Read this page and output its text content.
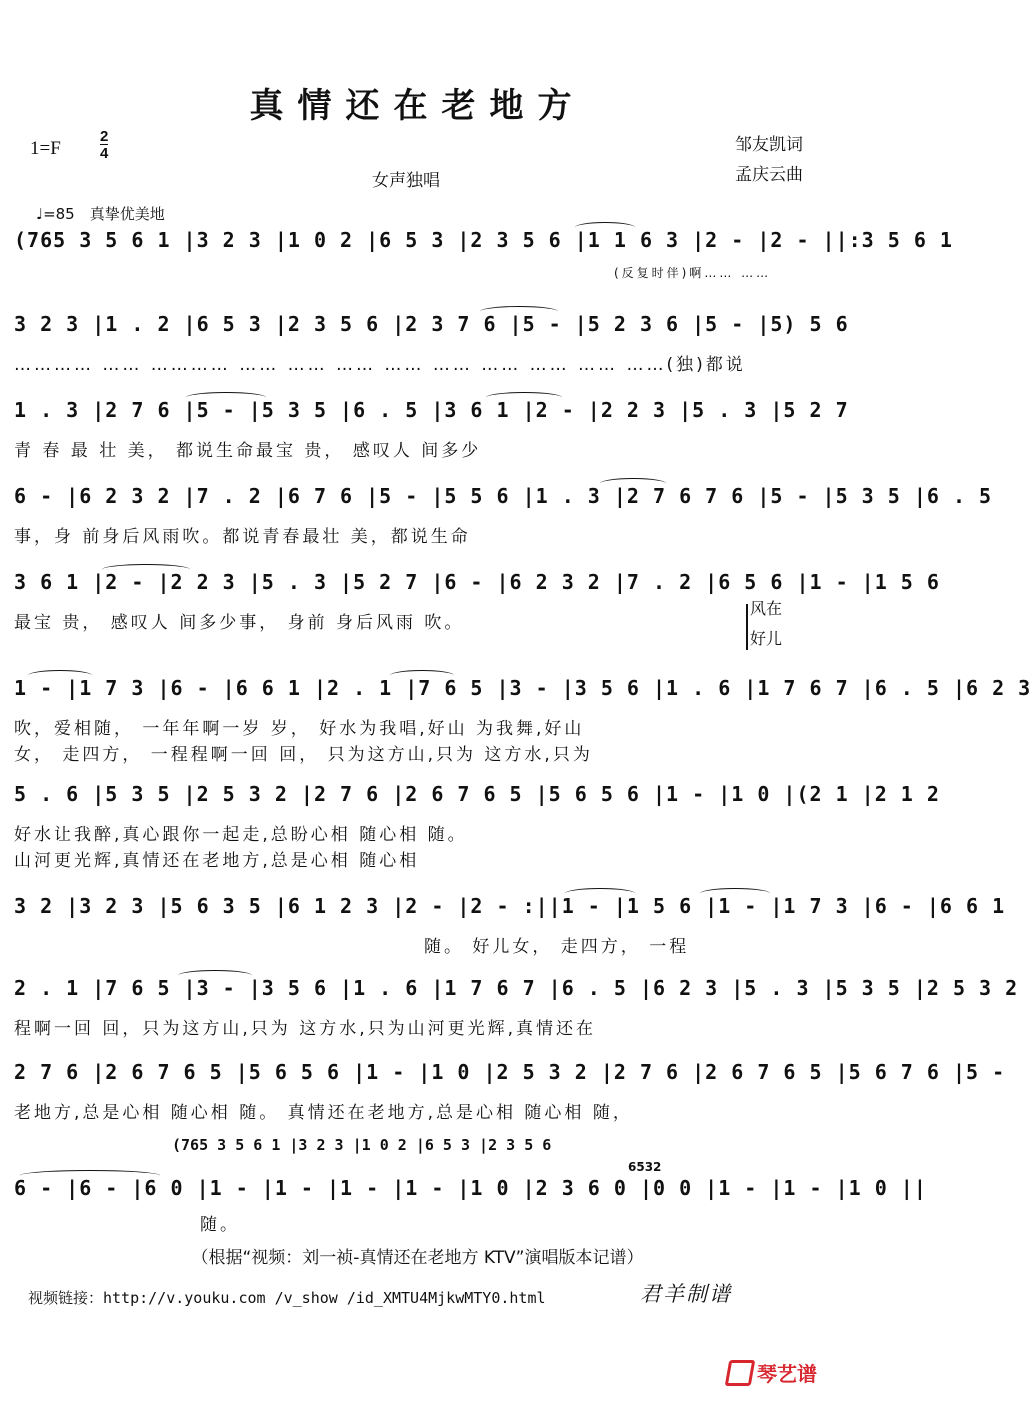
真情还在老地方
1=F
2
4	邹友凯词
孟庆云曲
女声独唱
♩=85　真挚优美地
(765 3 5 6 1 |3 2 3 |1 0 2 |6 5 3 |2 3 5 6 |1 1 6 3 |2 - |2 - ||:3 5 6 1
(反复时伴)啊…… ……
3 2 3 |1 . 2 |6 5 3 |2 3 5 6 |2 3 7 6 |5 - |5 2 3 6 |5 - |5) 5 6
………… …… ………… …… …… …… …… …… …… …… …… ……(独)都说
1 . 3 |2 7 6 |5 - |5 3 5 |6 . 5 |3 6 1 |2 - |2 2 3 |5 . 3 |5 2 7
青 春 最 壮 美， 都说生命最宝 贵， 感叹人 间多少
6 - |6 2 3 2 |7 . 2 |6 7 6 |5 - |5 5 6 |1 . 3 |2 7 6 7 6 |5 - |5 3 5 |6 . 5
事，身 前身后风雨吹。都说青春最壮 美，都说生命
3 6 1 |2 - |2 2 3 |5 . 3 |5 2 7 |6 - |6 2 3 2 |7 . 2 |6 5 6 |1 - |1 5 6
最宝 贵， 感叹人 间多少事， 身前 身后风雨 吹。
风在
好儿
1 - |1 7 3 |6 - |6 6 1 |2 . 1 |7 6 5 |3 - |3 5 6 |1 . 6 |1 7 6 7 |6 . 5 |6 2 3
吹，爱相随， 一年年啊一岁 岁， 好水为我唱,好山 为我舞,好山
女， 走四方， 一程程啊一回 回， 只为这方山,只为 这方水,只为
5 . 6 |5 3 5 |2 5 3 2 |2 7 6 |2 6 7 6 5 |5 6 5 6 |1 - |1 0 |(2 1 |2 1 2
好水让我醉,真心跟你一起走,总盼心相 随心相 随。
山河更光辉,真情还在老地方,总是心相 随心相
3 2 |3 2 3 |5 6 3 5 |6 1 2 3 |2 - |2 - :||1 - |1 5 6 |1 - |1 7 3 |6 - |6 6 1
随。 好儿女， 走四方， 一程
2 . 1 |7 6 5 |3 - |3 5 6 |1 . 6 |1 7 6 7 |6 . 5 |6 2 3 |5 . 3 |5 3 5 |2 5 3 2
程啊一回 回，只为这方山,只为 这方水,只为山河更光辉,真情还在
2 7 6 |2 6 7 6 5 |5 6 5 6 |1 - |1 0 |2 5 3 2 |2 7 6 |2 6 7 6 5 |5 6 7 6 |5 -
老地方,总是心相 随心相 随。 真情还在老地方,总是心相 随心相 随，
(765 3 5 6 1 |3 2 3 |1 0 2 |6 5 3 |2 3 5 6
6 - |6 - |6 0 |1 - |1 - |1 - |1 - |1 0 |2 3 6 0 |0 0 |1 - |1 - |1 0 ||
随。
6532
（根据“视频：刘一祯-真情还在老地方 KTV”演唱版本记谱）
视频链接：http://v.youku.com /v_show /id_XMTU4MjkwMTY0.html	君羊制谱
琴艺谱
